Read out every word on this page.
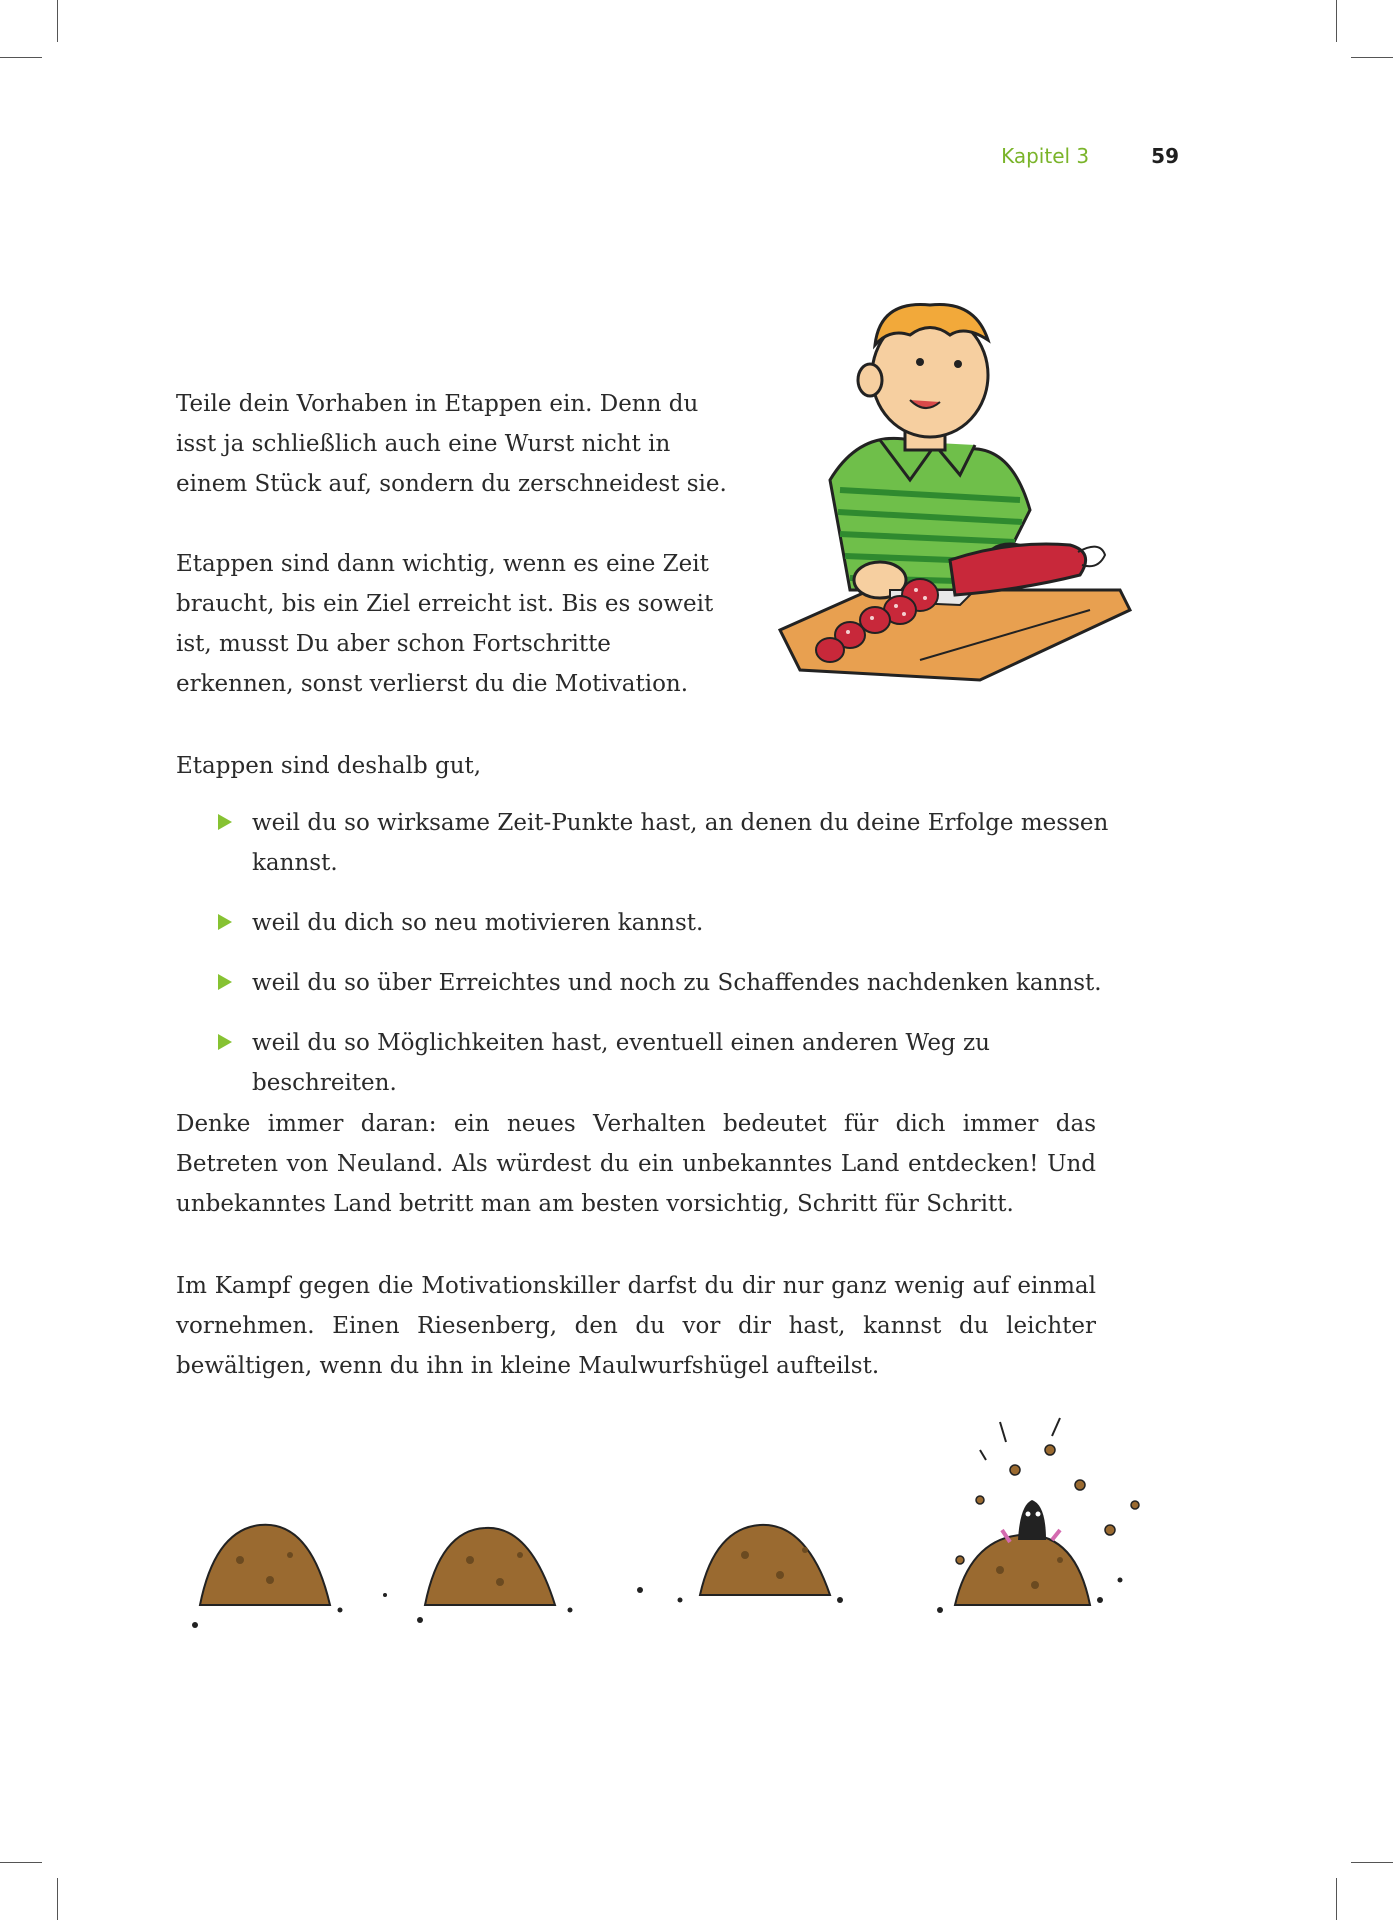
Kapitel 3	59

Teile dein Vorhaben in Etappen ein. Denn du isst ja schließlich auch eine Wurst nicht in einem Stück auf, sondern du zerschneidest sie.

Etappen sind dann wichtig, wenn es eine Zeit braucht, bis ein Ziel erreicht ist. Bis es soweit ist, musst Du aber schon Fortschritte erkennen, sonst verlierst du die Motivation.

Etappen sind deshalb gut,

weil du so wirksame Zeit-Punkte hast, an denen du deine Erfolge messen kannst.
weil du dich so neu motivieren kannst.
weil du so über Erreichtes und noch zu Schaffendes nachdenken kannst.
weil du so Möglichkeiten hast, eventuell einen anderen Weg zu beschreiten.

Denke immer daran: ein neues Verhalten bedeutet für dich immer das Betreten von Neuland. Als würdest du ein unbekanntes Land entdecken! Und unbekanntes Land betritt man am besten vorsichtig, Schritt für Schritt.

Im Kampf gegen die Motivationskiller darfst du dir nur ganz wenig auf einmal vornehmen. Einen Riesenberg, den du vor dir hast, kannst du leichter bewältigen, wenn du ihn in kleine Maulwurfshügel aufteilst.
